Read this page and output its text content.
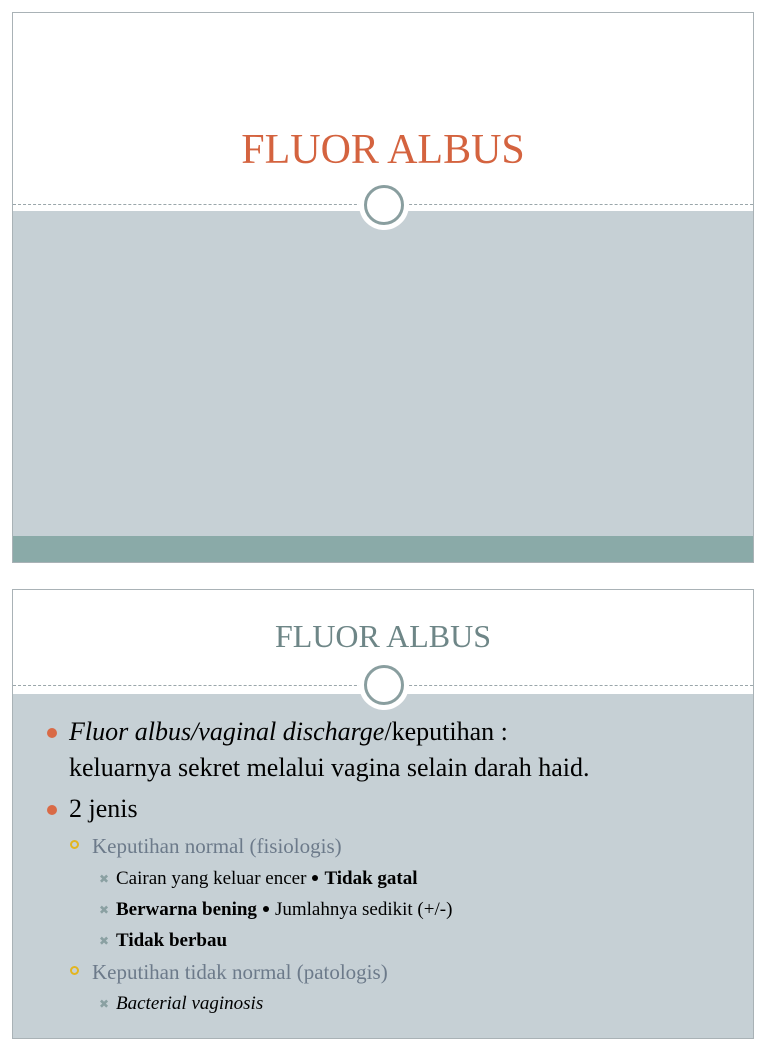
FLUOR ALBUS
FLUOR ALBUS
Fluor albus/vaginal discharge/keputihan :
keluarnya sekret melalui vagina selain darah haid.
2 jenis
Keputihan normal (fisiologis)
✖ Cairan yang keluar encer Tidak gatal
✖ Berwarna bening Jumlahnya sedikit (+/-)
✖ Tidak berbau
Keputihan tidak normal (patologis)
✖ Bacterial vaginosis
